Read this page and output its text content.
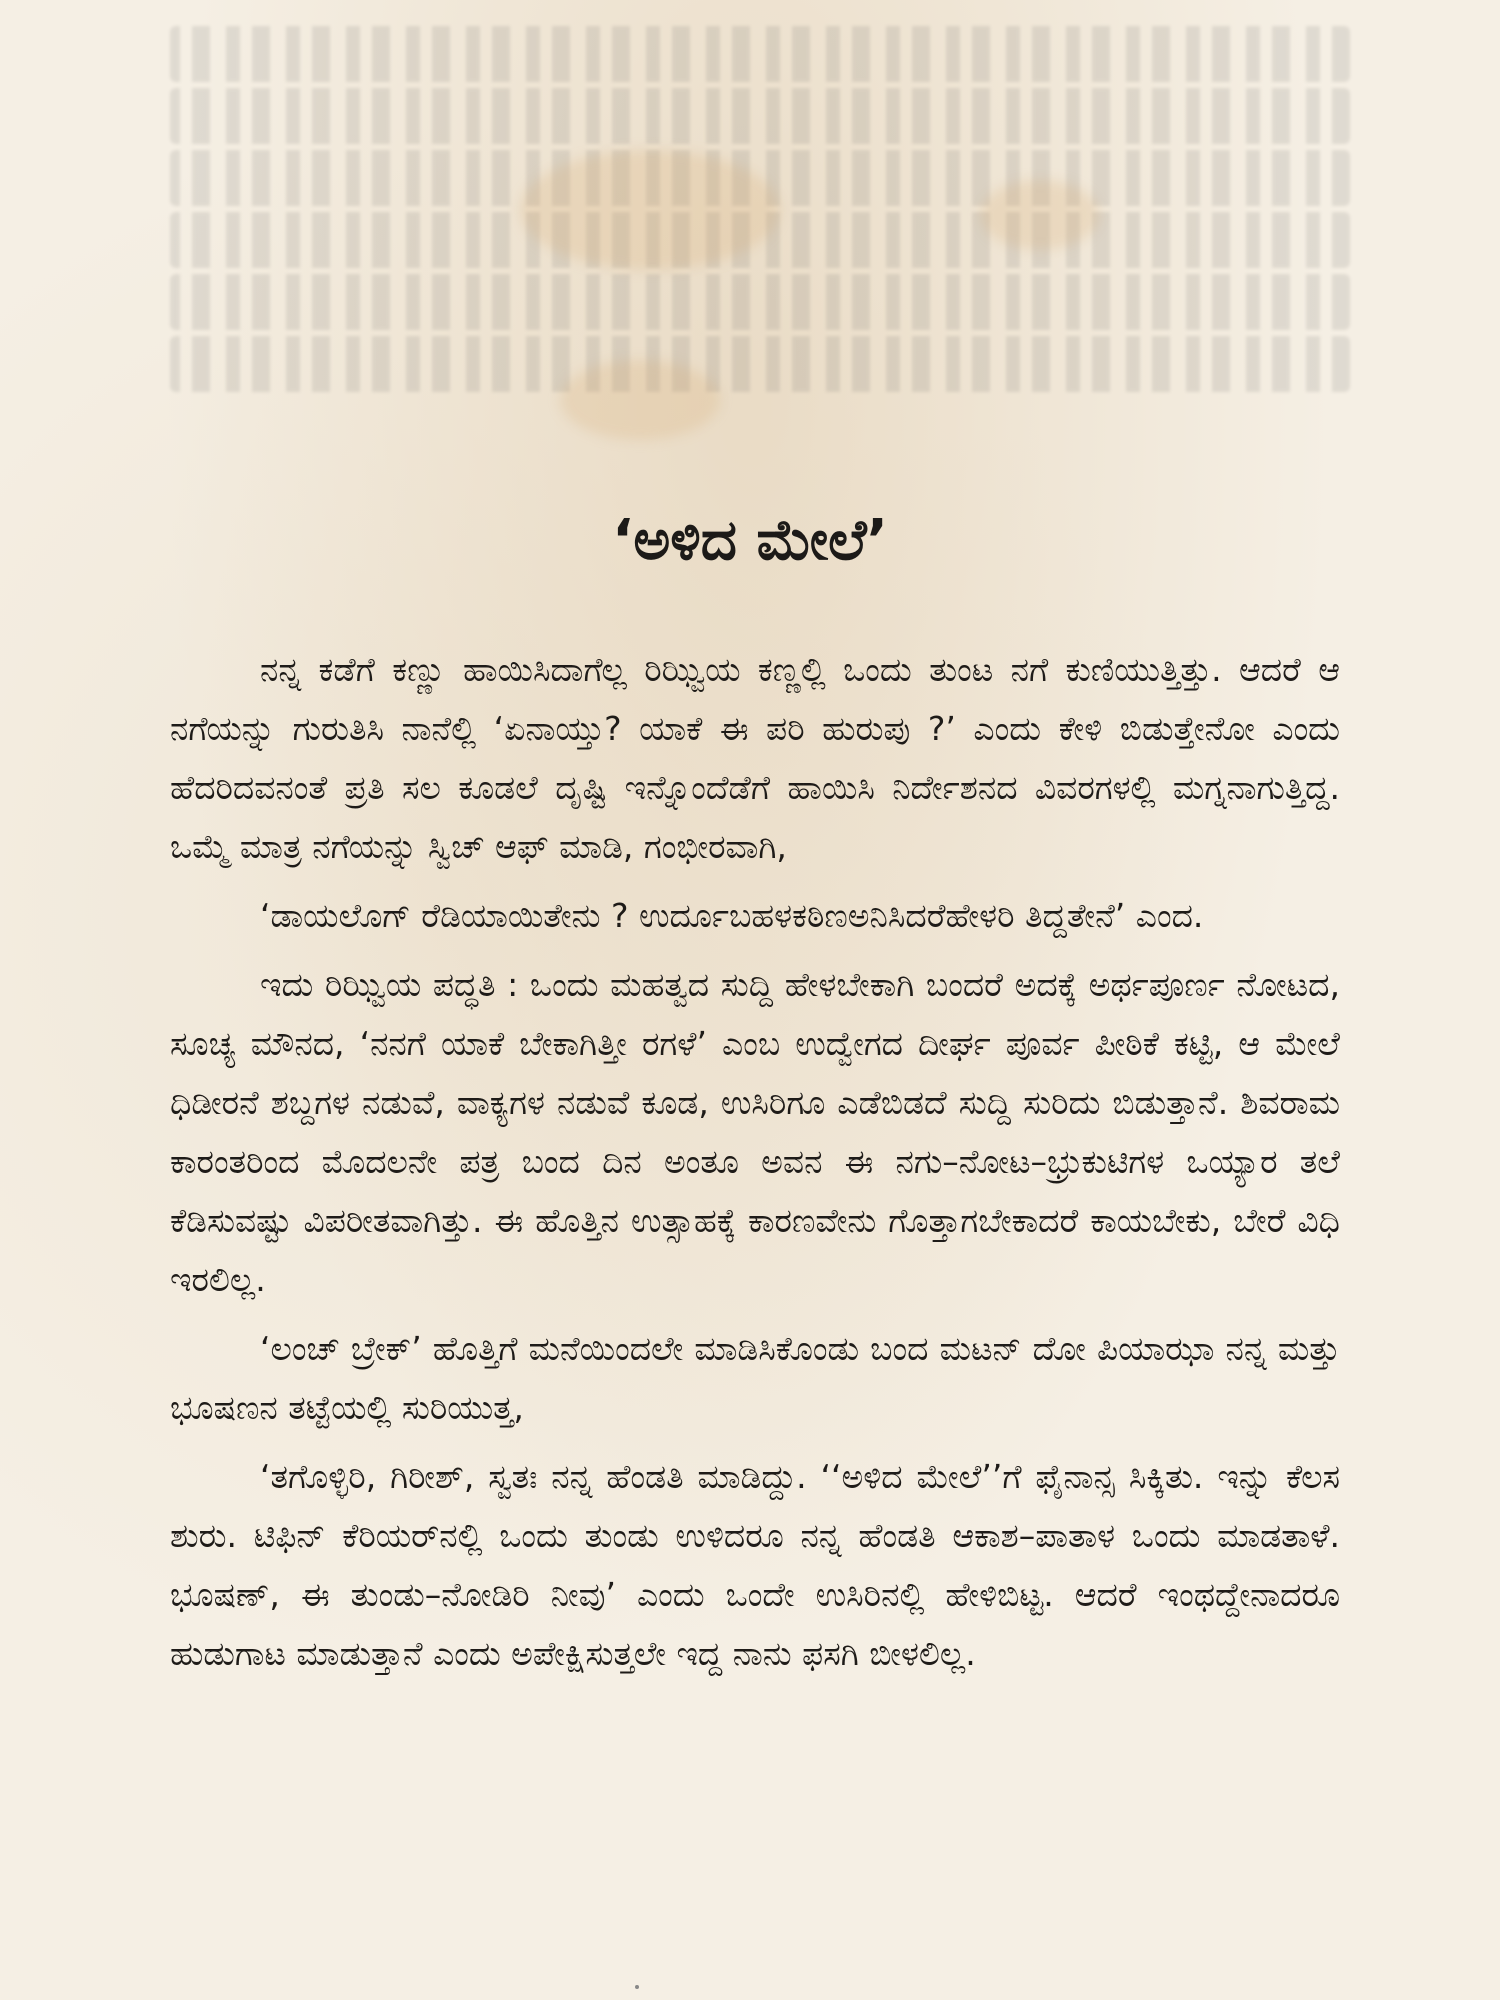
‘ಅಳಿದ ಮೇಲೆ’

ನನ್ನ ಕಡೆಗೆ ಕಣ್ಣು ಹಾಯಿಸಿದಾಗೆಲ್ಲ ರಿಝ್ವಿಯ ಕಣ್ಣಲ್ಲಿ ಒಂದು ತುಂಟ ನಗೆ ಕುಣಿಯುತ್ತಿತ್ತು. ಆದರೆ ಆ ನಗೆಯನ್ನು ಗುರುತಿಸಿ ನಾನೆಲ್ಲಿ ‘ಏನಾಯ್ತು? ಯಾಕೆ ಈ ಪರಿ ಹುರುಪು ?’ ಎಂದು ಕೇಳಿ ಬಿಡುತ್ತೇನೋ ಎಂದು ಹೆದರಿದವನಂತೆ ಪ್ರತಿ ಸಲ ಕೂಡಲೆ ದೃಷ್ಟಿ ಇನ್ನೊಂದೆಡೆಗೆ ಹಾಯಿಸಿ ನಿರ್ದೇಶನದ ವಿವರಗಳಲ್ಲಿ ಮಗ್ನನಾಗುತ್ತಿದ್ದ. ಒಮ್ಮೆ ಮಾತ್ರ ನಗೆಯನ್ನು ಸ್ವಿಚ್ ಆಫ್ ಮಾಡಿ, ಗಂಭೀರವಾಗಿ,

‘ಡಾಯಲೊಗ್ ರೆಡಿಯಾಯಿತೇನು ? ಉರ್ದೂಬಹಳಕಠಿಣಅನಿಸಿದರೆಹೇಳರಿ ತಿದ್ದತೇನೆ’ ಎಂದ.

ಇದು ರಿಝ್ವಿಯ ಪದ್ಧತಿ : ಒಂದು ಮಹತ್ವದ ಸುದ್ದಿ ಹೇಳಬೇಕಾಗಿ ಬಂದರೆ ಅದಕ್ಕೆ ಅರ್ಥಪೂರ್ಣ ನೋಟದ, ಸೂಚ್ಯ ಮೌನದ, ‘ನನಗೆ ಯಾಕೆ ಬೇಕಾಗಿತ್ತೀ ರಗಳೆ’ ಎಂಬ ಉದ್ವೇಗದ ದೀರ್ಘ ಪೂರ್ವ ಪೀಠಿಕೆ ಕಟ್ಟಿ, ಆ ಮೇಲೆ ಧಿಡೀರನೆ ಶಬ್ದಗಳ ನಡುವೆ, ವಾಕ್ಯಗಳ ನಡುವೆ ಕೂಡ, ಉಸಿರಿಗೂ ಎಡೆಬಿಡದೆ ಸುದ್ದಿ ಸುರಿದು ಬಿಡುತ್ತಾನೆ. ಶಿವರಾಮ ಕಾರಂತರಿಂದ ಮೊದಲನೇ ಪತ್ರ ಬಂದ ದಿನ ಅಂತೂ ಅವನ ಈ ನಗು–ನೋಟ–ಭ್ರುಕುಟಿಗಳ ಒಯ್ಯಾರ ತಲೆ ಕೆಡಿಸುವಷ್ಟು ವಿಪರೀತವಾಗಿತ್ತು. ಈ ಹೊತ್ತಿನ ಉತ್ಸಾಹಕ್ಕೆ ಕಾರಣವೇನು ಗೊತ್ತಾಗಬೇಕಾದರೆ ಕಾಯಬೇಕು, ಬೇರೆ ವಿಧಿ ಇರಲಿಲ್ಲ.

‘ಲಂಚ್ ಬ್ರೇಕ್’ ಹೊತ್ತಿಗೆ ಮನೆಯಿಂದಲೇ ಮಾಡಿಸಿಕೊಂಡು ಬಂದ ಮಟನ್ ದೋ ಪಿಯಾಝಾ ನನ್ನ ಮತ್ತು ಭೂಷಣನ ತಟ್ಟೆಯಲ್ಲಿ ಸುರಿಯುತ್ತ,

‘ತಗೊಳ್ಳಿರಿ, ಗಿರೀಶ್, ಸ್ವತಃ ನನ್ನ ಹೆಂಡತಿ ಮಾಡಿದ್ದು. ‘‘ಅಳಿದ ಮೇಲೆ’’ಗೆ ಫೈನಾನ್ಸ ಸಿಕ್ಕಿತು. ಇನ್ನು ಕೆಲಸ ಶುರು. ಟಿಫಿನ್ ಕೆರಿಯರ್‌ನಲ್ಲಿ ಒಂದು ತುಂಡು ಉಳಿದರೂ ನನ್ನ ಹೆಂಡತಿ ಆಕಾಶ–ಪಾತಾಳ ಒಂದು ಮಾಡತಾಳೆ. ಭೂಷಣ್, ಈ ತುಂಡು–ನೋಡಿರಿ ನೀವು’ ಎಂದು ಒಂದೇ ಉಸಿರಿನಲ್ಲಿ ಹೇಳಿಬಿಟ್ಟ. ಆದರೆ ಇಂಥದ್ದೇನಾದರೂ ಹುಡುಗಾಟ ಮಾಡುತ್ತಾನೆ ಎಂದು ಅಪೇಕ್ಷಿಸುತ್ತಲೇ ಇದ್ದ ನಾನು ಫಸಗಿ ಬೀಳಲಿಲ್ಲ.
